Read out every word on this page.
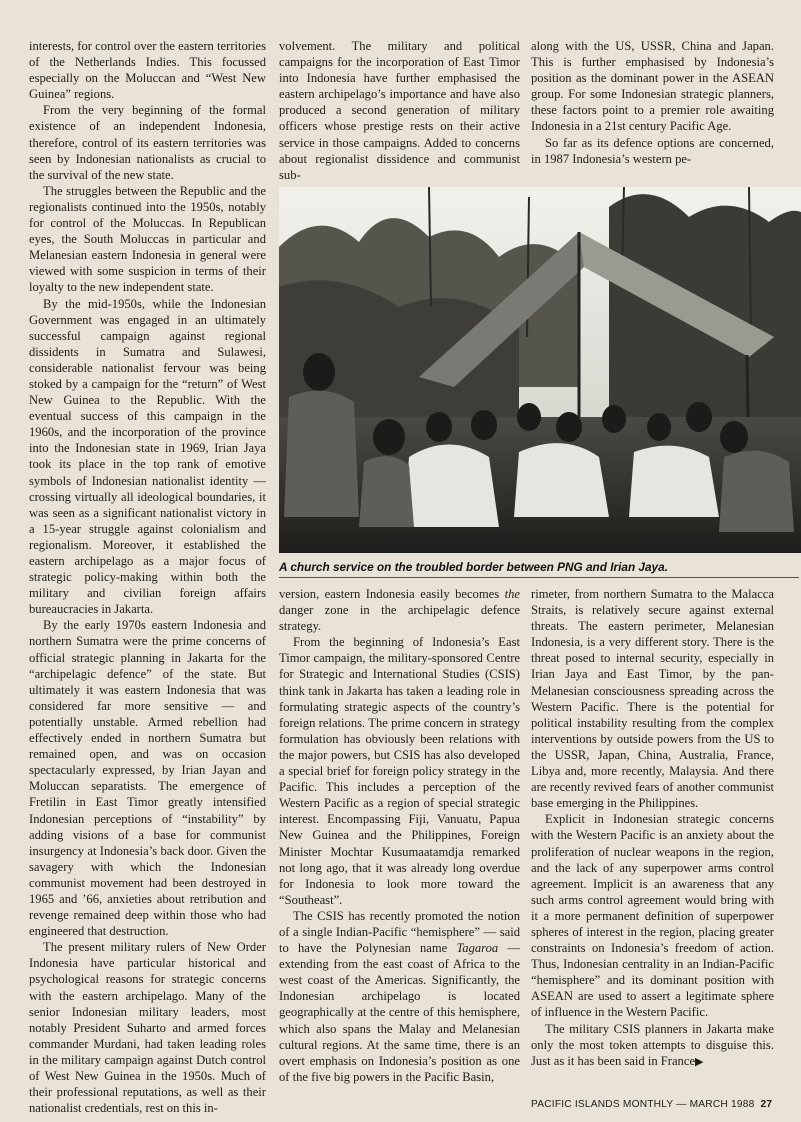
interests, for control over the eastern territories of the Netherlands Indies. This focussed especially on the Moluccan and “West New Guinea” regions.

From the very beginning of the formal existence of an independent Indonesia, therefore, control of its eastern territories was seen by Indonesian nationalists as crucial to the survival of the new state.

The struggles between the Republic and the regionalists continued into the 1950s, notably for control of the Moluccas. In Republican eyes, the South Moluccas in particular and Melanesian eastern Indonesia in general were viewed with some suspicion in terms of their loyalty to the new independent state.

By the mid-1950s, while the Indonesian Government was engaged in an ultimately successful campaign against regional dissidents in Sumatra and Sulawesi, considerable nationalist fervour was being stoked by a campaign for the “return” of West New Guinea to the Republic. With the eventual success of this campaign in the 1960s, and the incorporation of the province into the Indonesian state in 1969, Irian Jaya took its place in the top rank of emotive symbols of Indonesian nationalist identity — crossing virtually all ideological boundaries, it was seen as a significant nationalist victory in a 15-year struggle against colonialism and regionalism. Moreover, it established the eastern archipelago as a major focus of strategic policy-making within both the military and civilian foreign affairs bureaucracies in Jakarta.

By the early 1970s eastern Indonesia and northern Sumatra were the prime concerns of official strategic planning in Jakarta for the “archipelagic defence” of the state. But ultimately it was eastern Indonesia that was considered far more sensitive — and potentially unstable. Armed rebellion had effectively ended in northern Sumatra but remained open, and was on occasion spectacularly expressed, by Irian Jayan and Moluccan separatists. The emergence of Fretilin in East Timor greatly intensified Indonesian perceptions of “instability” by adding visions of a base for communist insurgency at Indonesia’s back door. Given the savagery with which the Indonesian communist movement had been destroyed in 1965 and ’66, anxieties about retribution and revenge remained deep within those who had engineered that destruction.

The present military rulers of New Order Indonesia have particular historical and psychological reasons for strategic concerns with the eastern archipelago. Many of the senior Indonesian military leaders, most notably President Suharto and armed forces commander Murdani, had taken leading roles in the military campaign against Dutch control of West New Guinea in the 1950s. Much of their professional reputations, as well as their nationalist credentials, rest on this in-

volvement. The military and political campaigns for the incorporation of East Timor into Indonesia have further emphasised the eastern archipelago’s importance and have also produced a second generation of military officers whose prestige rests on their active service in those campaigns. Added to concerns about regionalist dissidence and communist sub-

along with the US, USSR, China and Japan. This is further emphasised by Indonesia’s position as the dominant power in the ASEAN group. For some Indonesian strategic planners, these factors point to a premier role awaiting Indonesia in a 21st century Pacific Age.

So far as its defence options are concerned, in 1987 Indonesia’s western pe-

A church service on the troubled border between PNG and Irian Jaya.

version, eastern Indonesia easily becomes the danger zone in the archipelagic defence strategy.

From the beginning of Indonesia’s East Timor campaign, the military-sponsored Centre for Strategic and International Studies (CSIS) think tank in Jakarta has taken a leading role in formulating strategic aspects of the country’s foreign relations. The prime concern in strategy formulation has obviously been relations with the major powers, but CSIS has also developed a special brief for foreign policy strategy in the Pacific. This includes a perception of the Western Pacific as a region of special strategic interest. Encompassing Fiji, Vanuatu, Papua New Guinea and the Philippines, Foreign Minister Mochtar Kusumaatamdja remarked not long ago, that it was already long overdue for Indonesia to look more toward the “Southeast”.

The CSIS has recently promoted the notion of a single Indian-Pacific “hemisphere” — said to have the Polynesian name Tagaroa — extending from the east coast of Africa to the west coast of the Americas. Significantly, the Indonesian archipelago is located geographically at the centre of this hemisphere, which also spans the Malay and Melanesian cultural regions. At the same time, there is an overt emphasis on Indonesia’s position as one of the five big powers in the Pacific Basin,

rimeter, from northern Sumatra to the Malacca Straits, is relatively secure against external threats. The eastern perimeter, Melanesian Indonesia, is a very different story. There is the threat posed to internal security, especially in Irian Jaya and East Timor, by the pan-Melanesian consciousness spreading across the Western Pacific. There is the potential for political instability resulting from the complex interventions by outside powers from the US to the USSR, Japan, China, Australia, France, Libya and, more recently, Malaysia. And there are recently revived fears of another communist base emerging in the Philippines.

Explicit in Indonesian strategic concerns with the Western Pacific is an anxiety about the proliferation of nuclear weapons in the region, and the lack of any superpower arms control agreement. Implicit is an awareness that any such arms control agreement would bring with it a more permanent definition of superpower spheres of interest in the region, placing greater constraints on Indonesia’s freedom of action. Thus, Indonesian centrality in an Indian-Pacific “hemisphere” and its dominant position with ASEAN are used to assert a legitimate sphere of influence in the Western Pacific.

The military CSIS planners in Jakarta make only the most token attempts to disguise this. Just as it has been said in France▶

PACIFIC ISLANDS MONTHLY — MARCH 1988 27
